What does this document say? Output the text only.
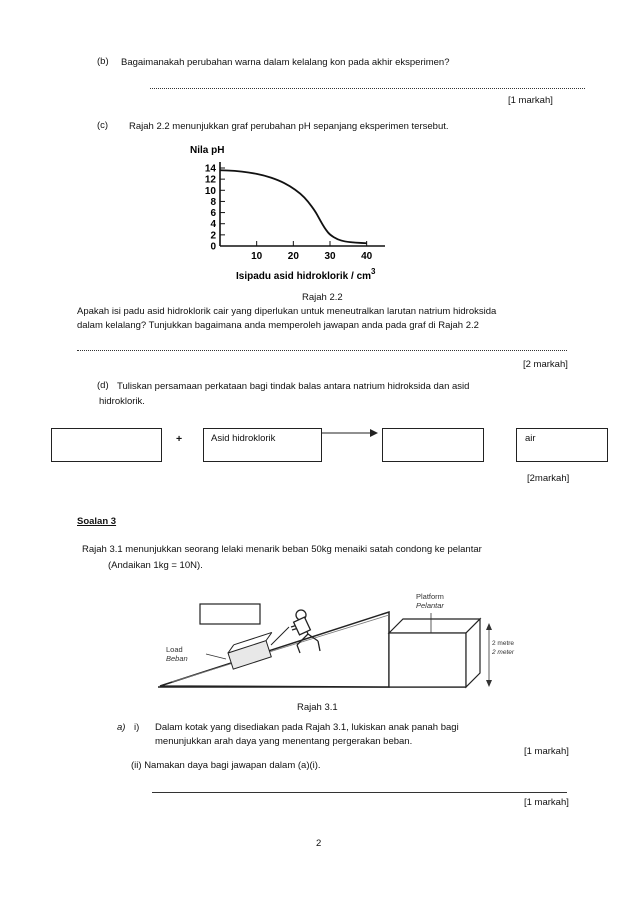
(b) Bagaimanakah perubahan warna dalam kelalang kon pada akhir eksperimen?
[1 markah]
(c) Rajah 2.2 menunjukkan graf perubahan pH sepanjang eksperimen tersebut.
Nila pH
0
2
4
6
8
10
12
14
10	20	30	40
Isipadu asid hidroklorik / $cm^3$
Rajah 2.2
Apakah isi padu asid hidroklorik cair yang diperlukan untuk meneutralkan larutan natrium hidroksida
dalam kelalang? Tunjukkan bagaimana anda memperoleh jawapan anda pada graf di Rajah 2.2
[2 markah]
(d) Tuliskan persamaan perkataan bagi tindak balas antara natrium hidroksida dan asid
hidroklorik.
+	Asid hidroklorik	air
[2markah]
Soalan 3
Rajah 3.1 menunjukkan seorang lelaki menarik beban 50kg menaiki satah condong ke pelantar
(Andaikan 1kg = 10N).
Platform
Pelantar
2 metre
2 meter
Load
Beban
Rajah 3.1
a) i) Dalam kotak yang disediakan pada Rajah 3.1, lukiskan anak panah bagi
menunjukkan arah daya yang menentang pergerakan beban.
[1 markah]
(ii) Namakan daya bagi jawapan dalam (a)(i).
[1 markah]
2
